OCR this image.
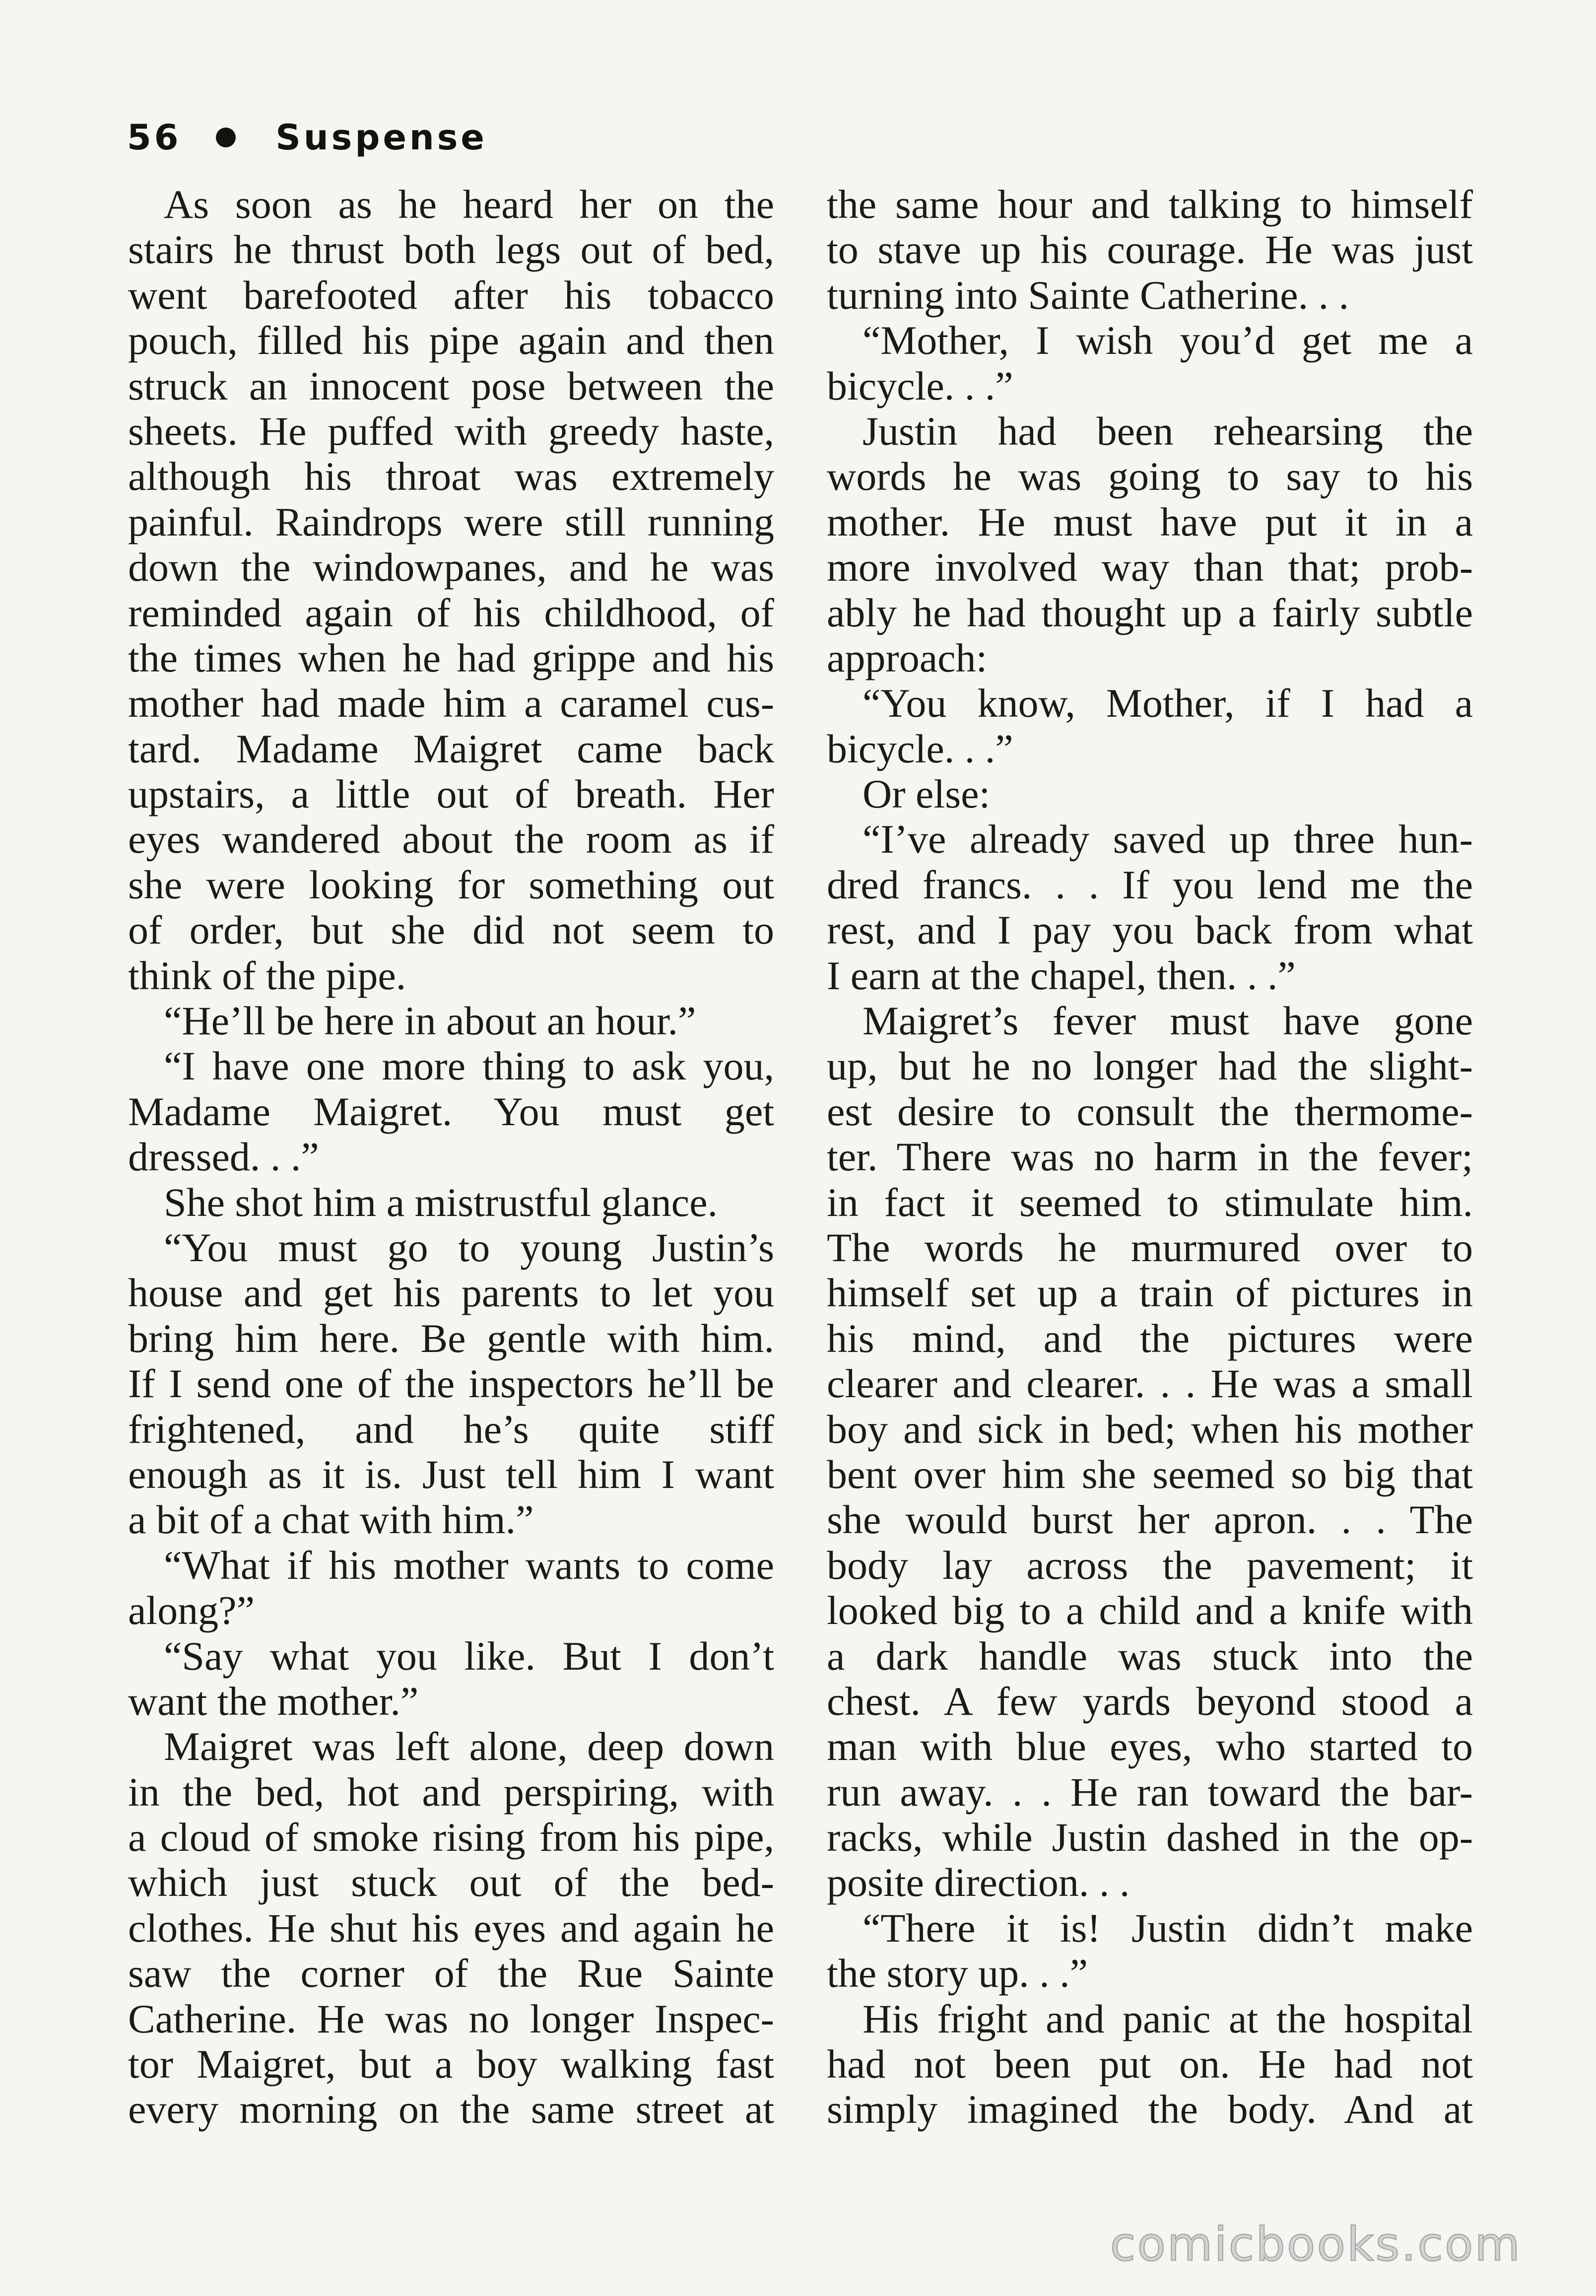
56	Suspense
As soon as he heard her on the
stairs he thrust both legs out of bed,
went barefooted after his tobacco
pouch, filled his pipe again and then
struck an innocent pose between the
sheets. He puffed with greedy haste,
although his throat was extremely
painful. Raindrops were still running
down the windowpanes, and he was
reminded again of his childhood, of
the times when he had grippe and his
mother had made him a caramel cus-
tard. Madame Maigret came back
upstairs, a little out of breath. Her
eyes wandered about the room as if
she were looking for something out
of order, but she did not seem to
think of the pipe.
“He’ll be here in about an hour.”
“I have one more thing to ask you,
Madame Maigret. You must get
dressed. . .”
She shot him a mistrustful glance.
“You must go to young Justin’s
house and get his parents to let you
bring him here. Be gentle with him.
If I send one of the inspectors he’ll be
frightened, and he’s quite stiff
enough as it is. Just tell him I want
a bit of a chat with him.”
“What if his mother wants to come
along?”
“Say what you like. But I don’t
want the mother.”
Maigret was left alone, deep down
in the bed, hot and perspiring, with
a cloud of smoke rising from his pipe,
which just stuck out of the bed-
clothes. He shut his eyes and again he
saw the corner of the Rue Sainte
Catherine. He was no longer Inspec-
tor Maigret, but a boy walking fast
every morning on the same street at
the same hour and talking to himself
to stave up his courage. He was just
turning into Sainte Catherine. . .
“Mother, I wish you’d get me a
bicycle. . .”
Justin had been rehearsing the
words he was going to say to his
mother. He must have put it in a
more involved way than that; prob-
ably he had thought up a fairly subtle
approach:
“You know, Mother, if I had a
bicycle. . .”
Or else:
“I’ve already saved up three hun-
dred francs. . . If you lend me the
rest, and I pay you back from what
I earn at the chapel, then. . .”
Maigret’s fever must have gone
up, but he no longer had the slight-
est desire to consult the thermome-
ter. There was no harm in the fever;
in fact it seemed to stimulate him.
The words he murmured over to
himself set up a train of pictures in
his mind, and the pictures were
clearer and clearer. . . He was a small
boy and sick in bed; when his mother
bent over him she seemed so big that
she would burst her apron. . . The
body lay across the pavement; it
looked big to a child and a knife with
a dark handle was stuck into the
chest. A few yards beyond stood a
man with blue eyes, who started to
run away. . . He ran toward the bar-
racks, while Justin dashed in the op-
posite direction. . .
“There it is! Justin didn’t make
the story up. . .”
His fright and panic at the hospital
had not been put on. He had not
simply imagined the body. And at
comicbooks.com
